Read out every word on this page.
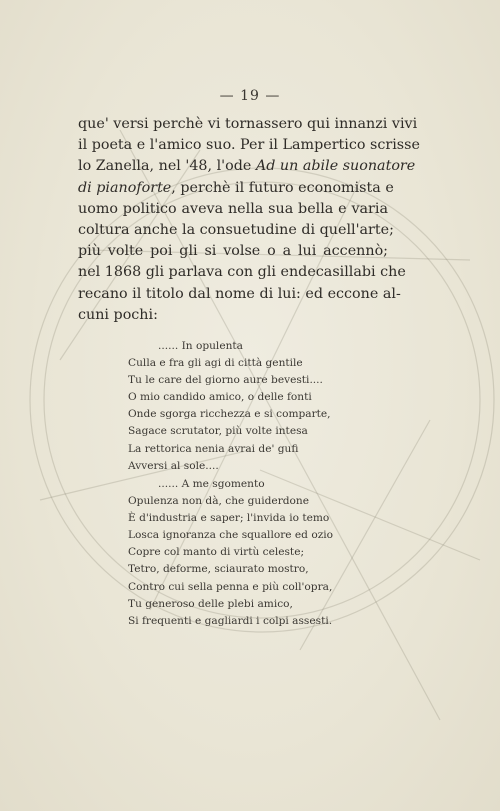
— 19 —
que' versi perchè vi tornassero qui innanzi vivi
il poeta e l'amico suo. Per il Lampertico scrisse
lo Zanella, nel '48, l'ode Ad un abile suonatore
di pianoforte, perchè il futuro economista e
uomo politico aveva nella sua bella e varia
coltura anche la consuetudine di quell'arte;
più volte poi gli si volse o a lui accennò;
nel 1868 gli parlava con gli endecasillabi che
recano il titolo dal nome di lui: ed eccone al-
cuni pochi:
...... In opulenta
Culla e fra gli agi di città gentile
Tu le care del giorno aure bevesti....
O mio candido amico, o delle fonti
Onde sgorga ricchezza e si comparte,
Sagace scrutator, più volte intesa
La rettorica nenia avrai de' gufi
Avversi al sole....
...... A me sgomento
Opulenza non dà, che guiderdone
È d'industria e saper; l'invida io temo
Losca ignoranza che squallore ed ozio
Copre col manto di virtù celeste;
Tetro, deforme, sciaurato mostro,
Contro cui sella penna e più coll'opra,
Tu generoso delle plebi amico,
Si frequenti e gagliardi i colpi assesti.
